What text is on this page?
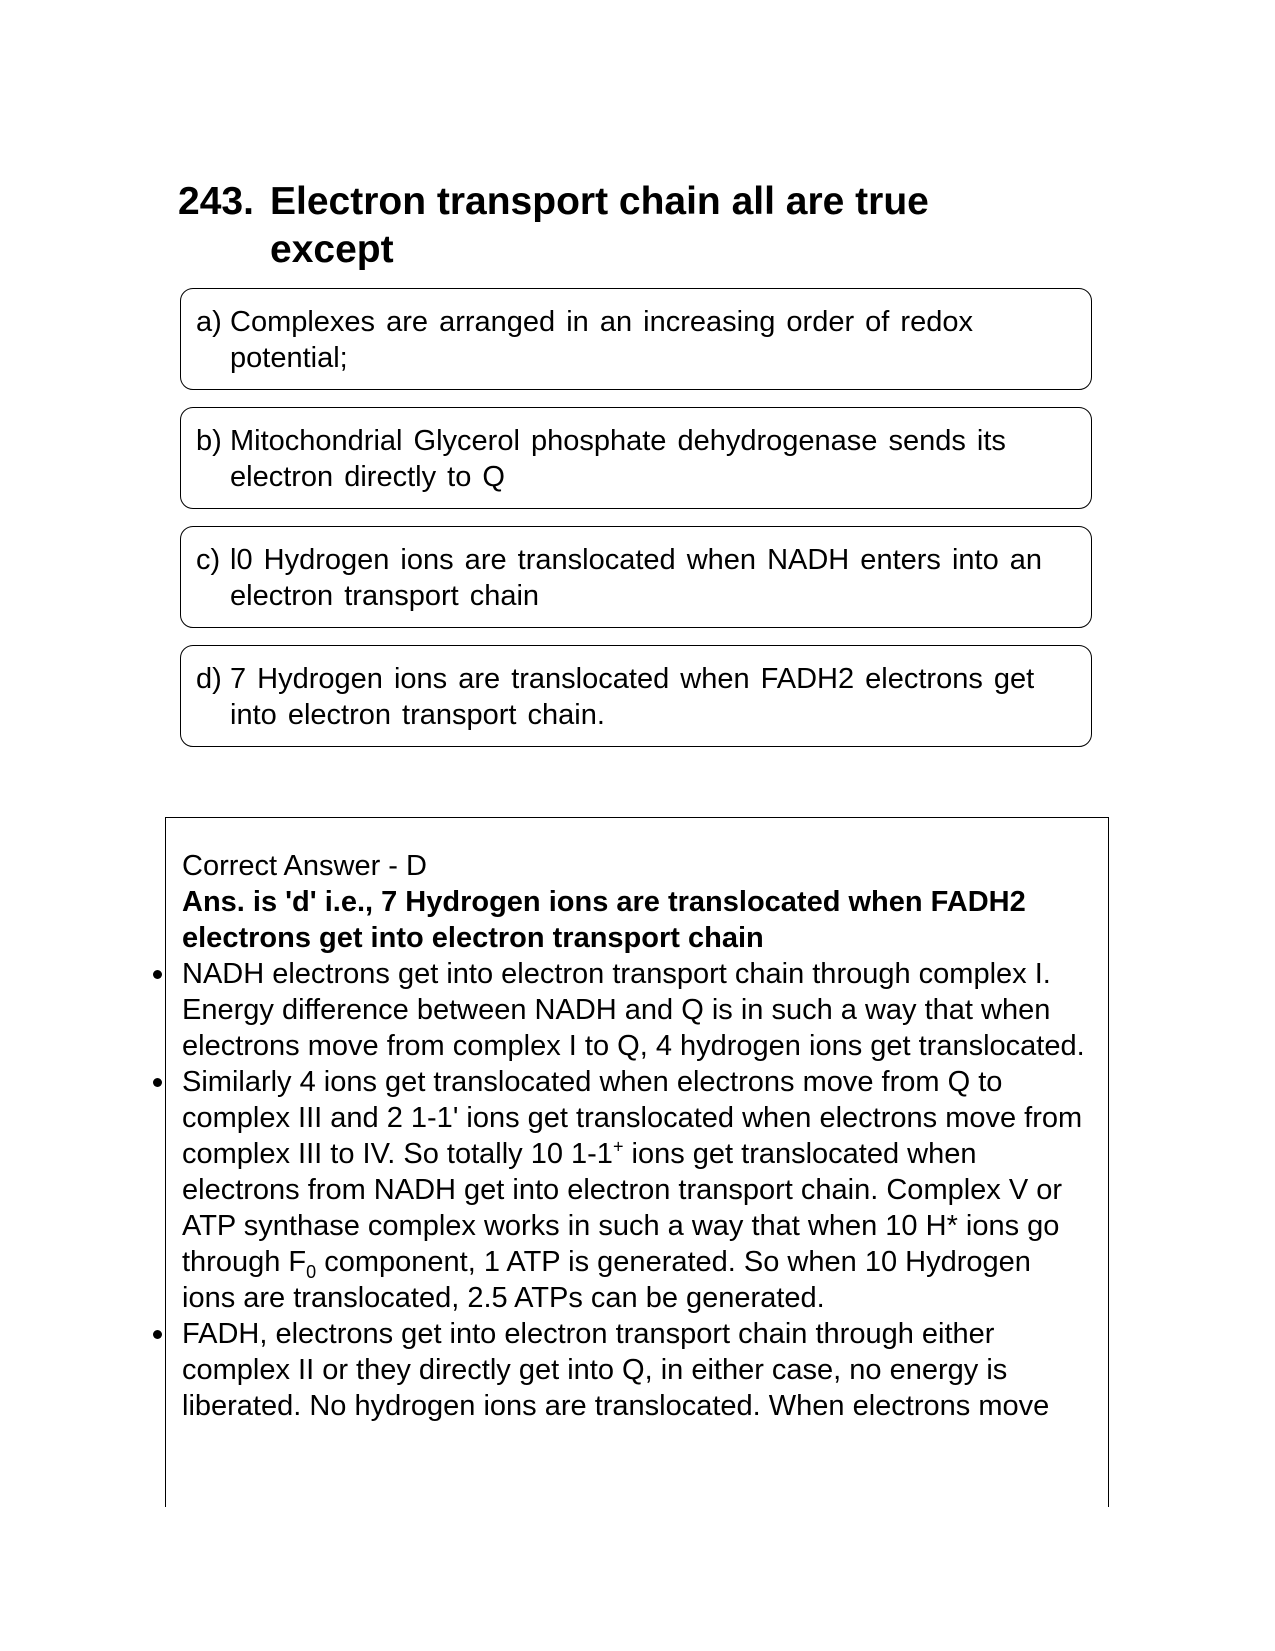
243. Electron transport chain all are true except
a) Complexes are arranged in an increasing order of redox potential;
b) Mitochondrial Glycerol phosphate dehydrogenase sends its electron directly to Q
c) l0 Hydrogen ions are translocated when NADH enters into an electron transport chain
d) 7 Hydrogen ions are translocated when FADH2 electrons get into electron transport chain.
Correct Answer - D
Ans. is 'd' i.e., 7 Hydrogen ions are translocated when FADH2 electrons get into electron transport chain
NADH electrons get into electron transport chain through complex I. Energy difference between NADH and Q is in such a way that when electrons move from complex I to Q, 4 hydrogen ions get translocated.
Similarly 4 ions get translocated when electrons move from Q to complex III and 2 1-1' ions get translocated when electrons move from complex III to IV. So totally 10 1-1+ ions get translocated when electrons from NADH get into electron transport chain. Complex V or ATP synthase complex works in such a way that when 10 H* ions go through $F_0$ component, 1 ATP is generated. So when 10 Hydrogen ions are translocated, 2.5 ATPs can be generated.
FADH, electrons get into electron transport chain through either complex II or they directly get into Q, in either case, no energy is liberated. No hydrogen ions are translocated. When electrons move
